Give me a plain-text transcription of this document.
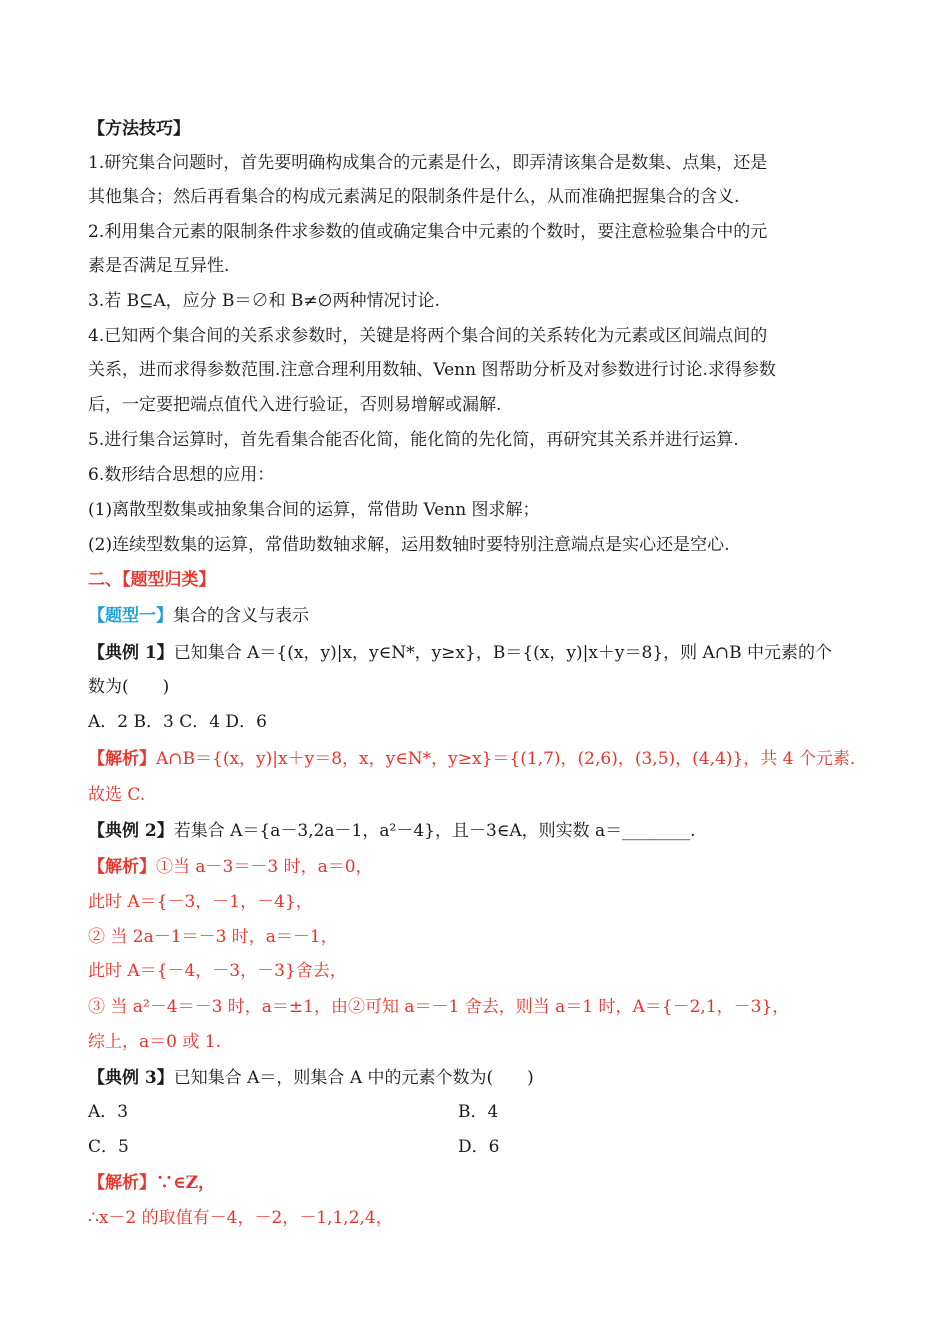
【方法技巧】
1.研究集合问题时，首先要明确构成集合的元素是什么，即弄清该集合是数集、点集，还是
其他集合；然后再看集合的构成元素满足的限制条件是什么，从而准确把握集合的含义.
2.利用集合元素的限制条件求参数的值或确定集合中元素的个数时，要注意检验集合中的元
素是否满足互异性.
3.若 B⊆A，应分 B＝∅和 B≠∅两种情况讨论.
4.已知两个集合间的关系求参数时，关键是将两个集合间的关系转化为元素或区间端点间的
关系，进而求得参数范围.注意合理利用数轴、Venn 图帮助分析及对参数进行讨论.求得参数
后，一定要把端点值代入进行验证，否则易增解或漏解.
5.进行集合运算时，首先看集合能否化简，能化简的先化简，再研究其关系并进行运算.
6.数形结合思想的应用：
(1)离散型数集或抽象集合间的运算，常借助 Venn 图求解；
(2)连续型数集的运算，常借助数轴求解，运用数轴时要特别注意端点是实心还是空心.
二、【题型归类】
【题型一】集合的含义与表示
【典例 1】已知集合 A＝{(x，y)|x，y∈N*，y≥x}，B＝{(x，y)|x＋y＝8}，则 A∩B 中元素的个
数为(　　)
A．2 B．3 C．4 D．6
【解析】A∩B＝{(x，y)|x＋y＝8，x，y∈N*，y≥x}＝{(1,7)，(2,6)，(3,5)，(4,4)}，共 4 个元素.
故选 C.
【典例 2】若集合 A＝{a－3,2a－1，a²－4}，且－3∈A，则实数 a＝________.
【解析】①当 a－3＝－3 时，a＝0，
此时 A＝{－3，－1，－4}，
② 当 2a－1＝－3 时，a＝－1，
此时 A＝{－4，－3，－3}舍去，
③ 当 a²－4＝－3 时，a＝±1，由②可知 a＝－1 舍去，则当 a＝1 时，A＝{－2,1，－3}，
综上，a＝0 或 1.
【典例 3】已知集合 A＝，则集合 A 中的元素个数为(　　)
A．3	B．4
C．5	D．6
【解析】∵∈Z，
∴x－2 的取值有－4，－2，－1,1,2,4，
